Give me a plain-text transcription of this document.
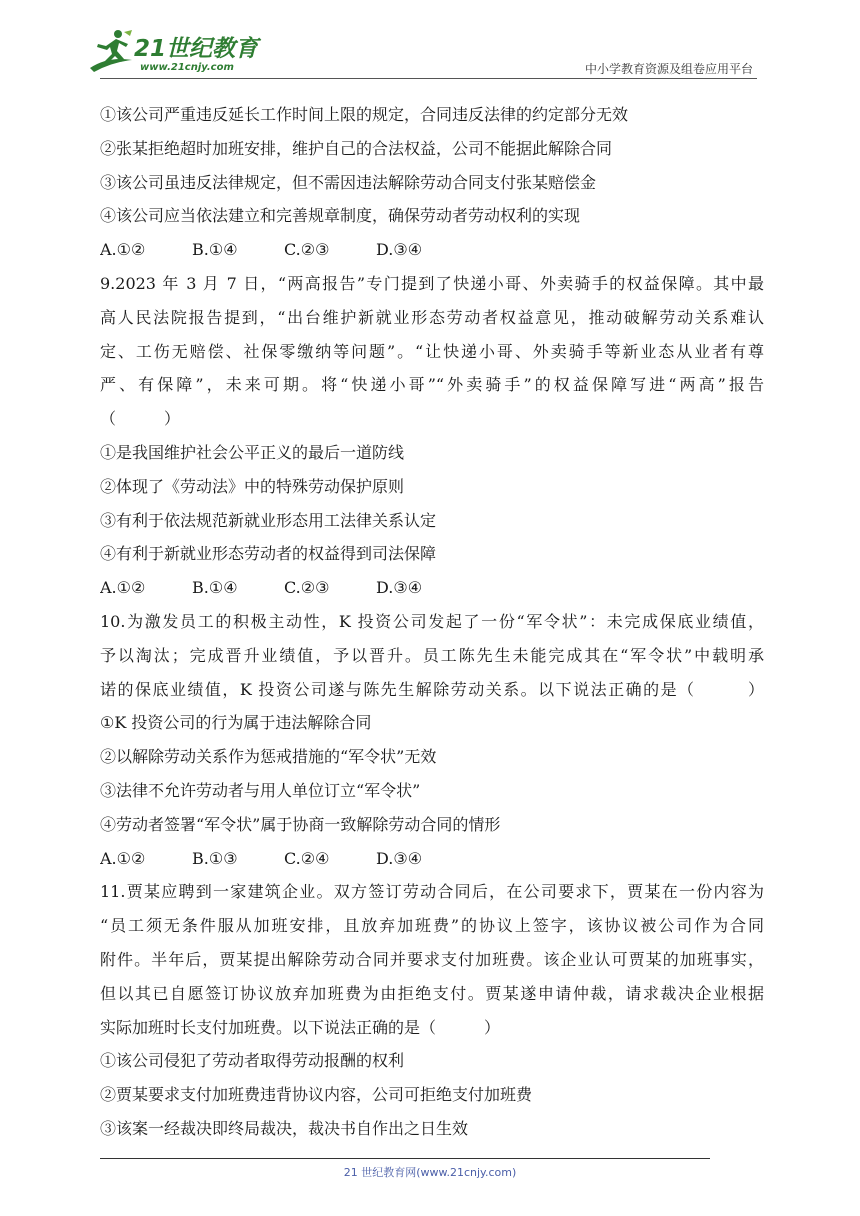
21世纪教育
www.21cnjy.com	中小学教育资源及组卷应用平台
①该公司严重违反延长工作时间上限的规定，合同违反法律的约定部分无效
②张某拒绝超时加班安排，维护自己的合法权益，公司不能据此解除合同
③该公司虽违反法律规定，但不需因违法解除劳动合同支付张某赔偿金
④该公司应当依法建立和完善规章制度，确保劳动者劳动权利的实现
A.①②	B.①④	C.②③	D.③④
9.2023 年 3 月 7 日，“两高报告”专门提到了快递小哥、外卖骑手的权益保障。其中最
高人民法院报告提到，“出台维护新就业形态劳动者权益意见，推动破解劳动关系难认
定、工伤无赔偿、社保零缴纳等问题”。“让快递小哥、外卖骑手等新业态从业者有尊
严、有保障”，未来可期。将“快递小哥”“外卖骑手”的权益保障写进“两高”报告
（　　　）
①是我国维护社会公平正义的最后一道防线
②体现了《劳动法》中的特殊劳动保护原则
③有利于依法规范新就业形态用工法律关系认定
④有利于新就业形态劳动者的权益得到司法保障
A.①②	B.①④	C.②③	D.③④
10.为激发员工的积极主动性，K 投资公司发起了一份“军令状”：未完成保底业绩值，
予以淘汰；完成晋升业绩值，予以晋升。员工陈先生未能完成其在“军令状”中载明承
诺的保底业绩值，K 投资公司遂与陈先生解除劳动关系。以下说法正确的是（　　　）
①K 投资公司的行为属于违法解除合同
②以解除劳动关系作为惩戒措施的“军令状”无效
③法律不允许劳动者与用人单位订立“军令状”
④劳动者签署“军令状”属于协商一致解除劳动合同的情形
A.①②	B.①③	C.②④	D.③④
11.贾某应聘到一家建筑企业。双方签订劳动合同后，在公司要求下，贾某在一份内容为
“员工须无条件服从加班安排，且放弃加班费”的协议上签字，该协议被公司作为合同
附件。半年后，贾某提出解除劳动合同并要求支付加班费。该企业认可贾某的加班事实，
但以其已自愿签订协议放弃加班费为由拒绝支付。贾某遂申请仲裁，请求裁决企业根据
实际加班时长支付加班费。以下说法正确的是（　　　）
①该公司侵犯了劳动者取得劳动报酬的权利
②贾某要求支付加班费违背协议内容，公司可拒绝支付加班费
③该案一经裁决即终局裁决，裁决书自作出之日生效
21 世纪教育网(www.21cnjy.com)
